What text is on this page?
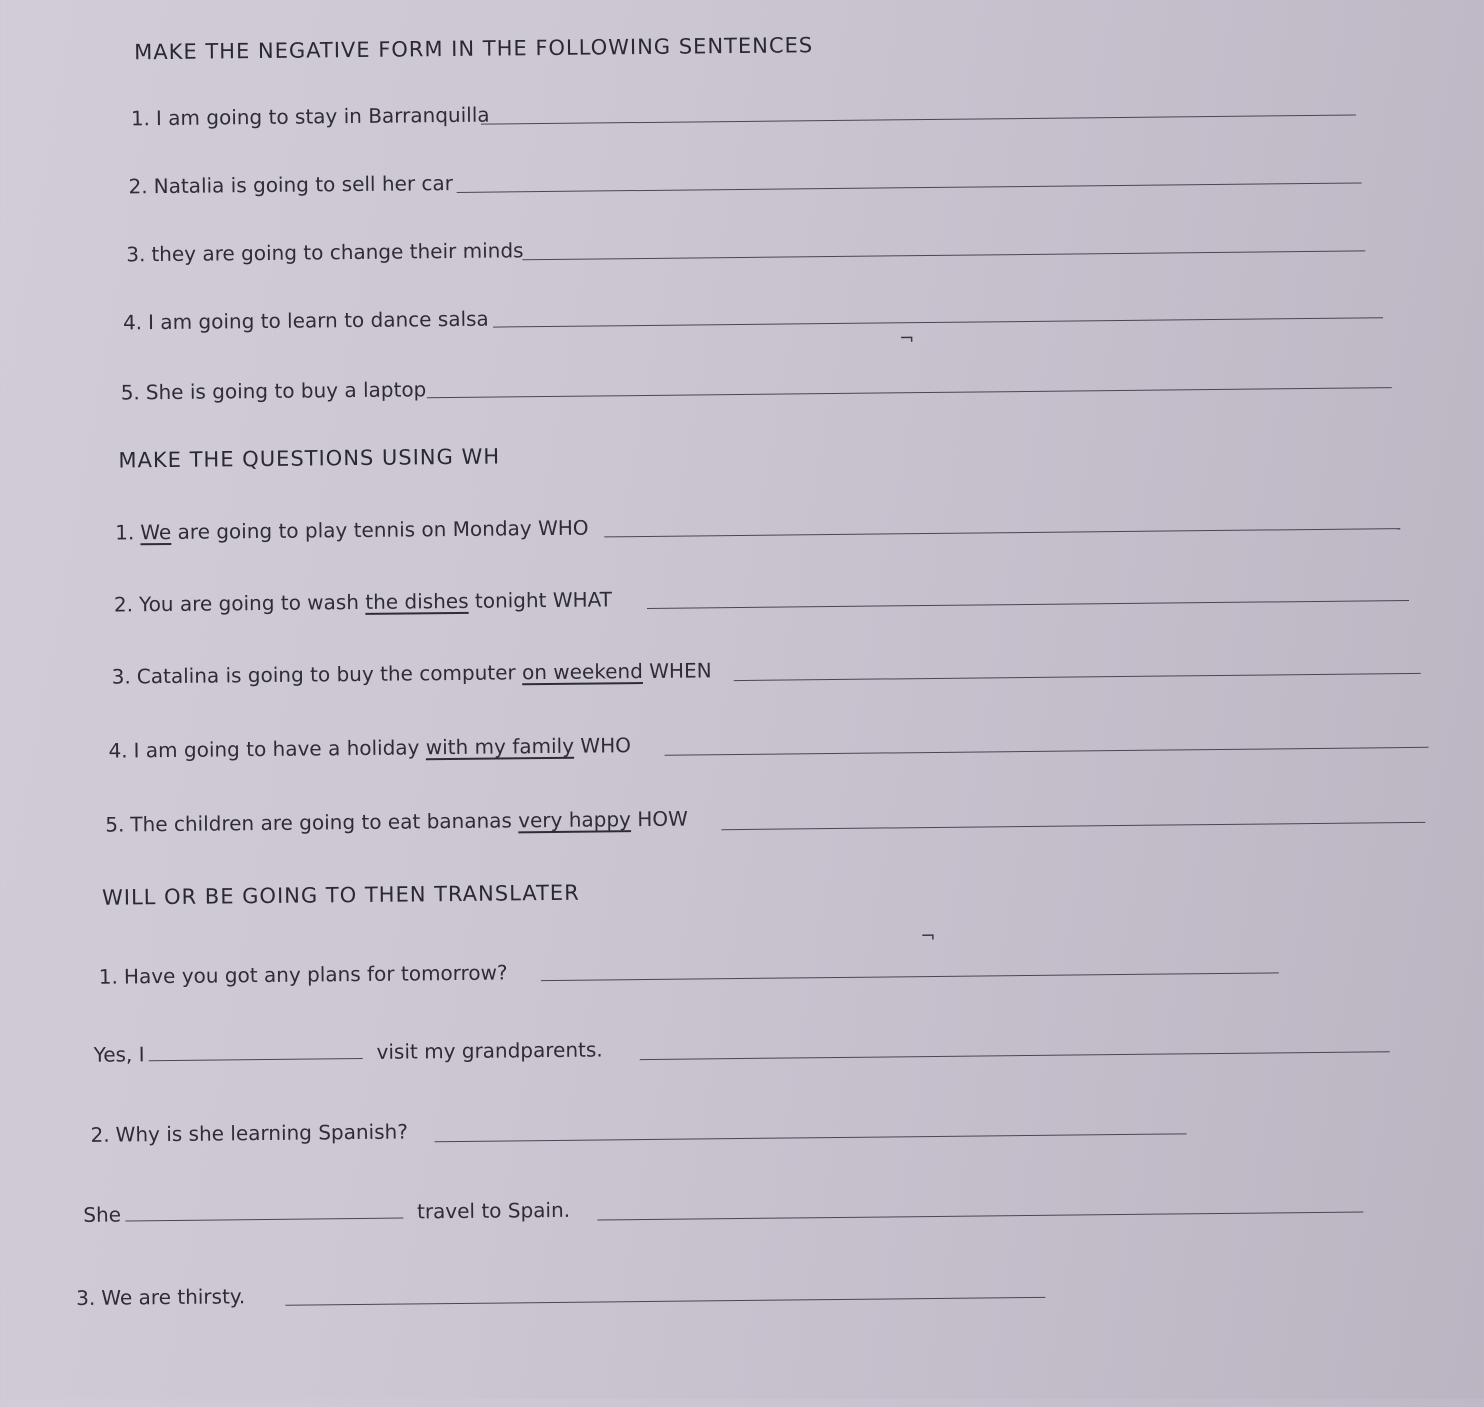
MAKE THE NEGATIVE FORM IN THE FOLLOWING SENTENCES
1. I am going to stay in Barranquilla
2. Natalia is going to sell her car
3. they are going to change their minds
4. I am going to learn to dance salsa
5. She is going to buy a laptop
MAKE THE QUESTIONS USING WH
1. We are going to play tennis on Monday WHO
2. You are going to wash the dishes tonight WHAT
3. Catalina is going to buy the computer on weekend WHEN
4. I am going to have a holiday with my family WHO
5. The children are going to eat bananas very happy HOW
WILL OR BE GOING TO THEN TRANSLATER
1. Have you got any plans for tomorrow?
Yes, I	visit my grandparents.
2. Why is she learning Spanish?
She	travel to Spain.
3. We are thirsty.
¬
¬
